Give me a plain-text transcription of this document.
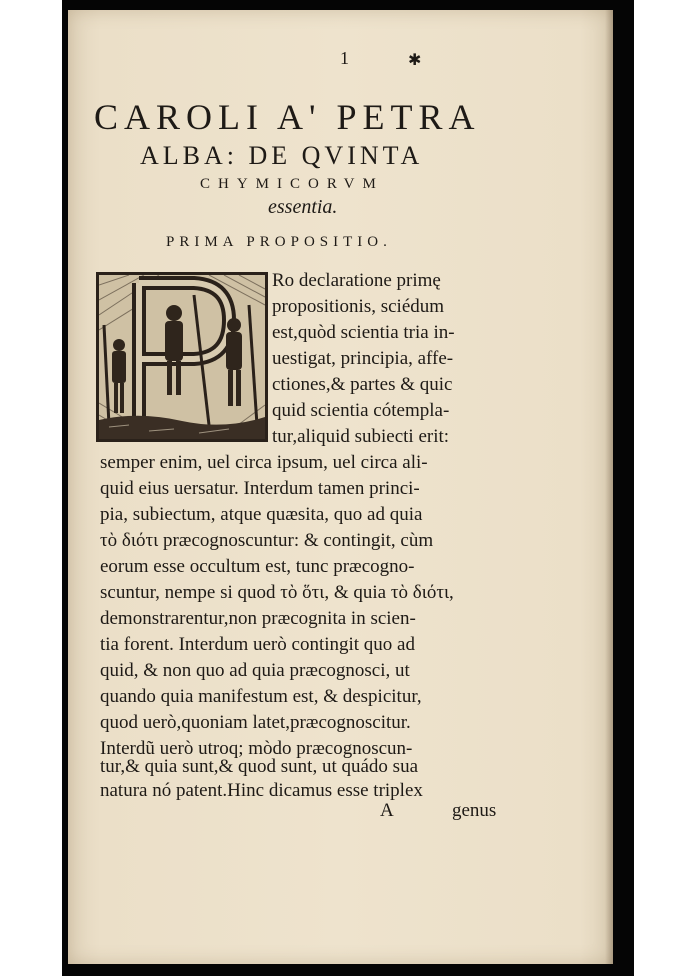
1	✱
CAROLI A' PETRA
ALBA: DE QVINTA
CHYMICORVM
essentia.
PRIMA PROPOSITIO.
Ro declaratione primę
propositionis, sciédum
est,quòd scientia tria in-
uestigat, principia, affe-
ctiones,& partes & quic
quid scientia cótempla-
tur,aliquid subiecti erit:
semper enim, uel circa ipsum, uel circa ali-
quid eius uersatur. Interdum tamen princi-
pia, subiectum, atque quæsita, quo ad quia
τὸ διότι præcognoscuntur: & contingit, cùm
eorum esse occultum est, tunc præcogno-
scuntur, nempe si quod τὸ ὅτι, & quia τὸ διότι,
demonstrarentur,non præcognita in scien-
tia forent. Interdum uerò contingit quo ad
quid, & non quo ad quia præcognosci, ut
quando quia manifestum est, & despicitur,
quod uerò,quoniam latet,præcognoscitur.
Interdũ uerò utroq; mòdo præcognoscun-
tur,& quia sunt,& quod sunt, ut quádo sua
natura nó patent.Hinc dicamus esse triplex
A	genus
